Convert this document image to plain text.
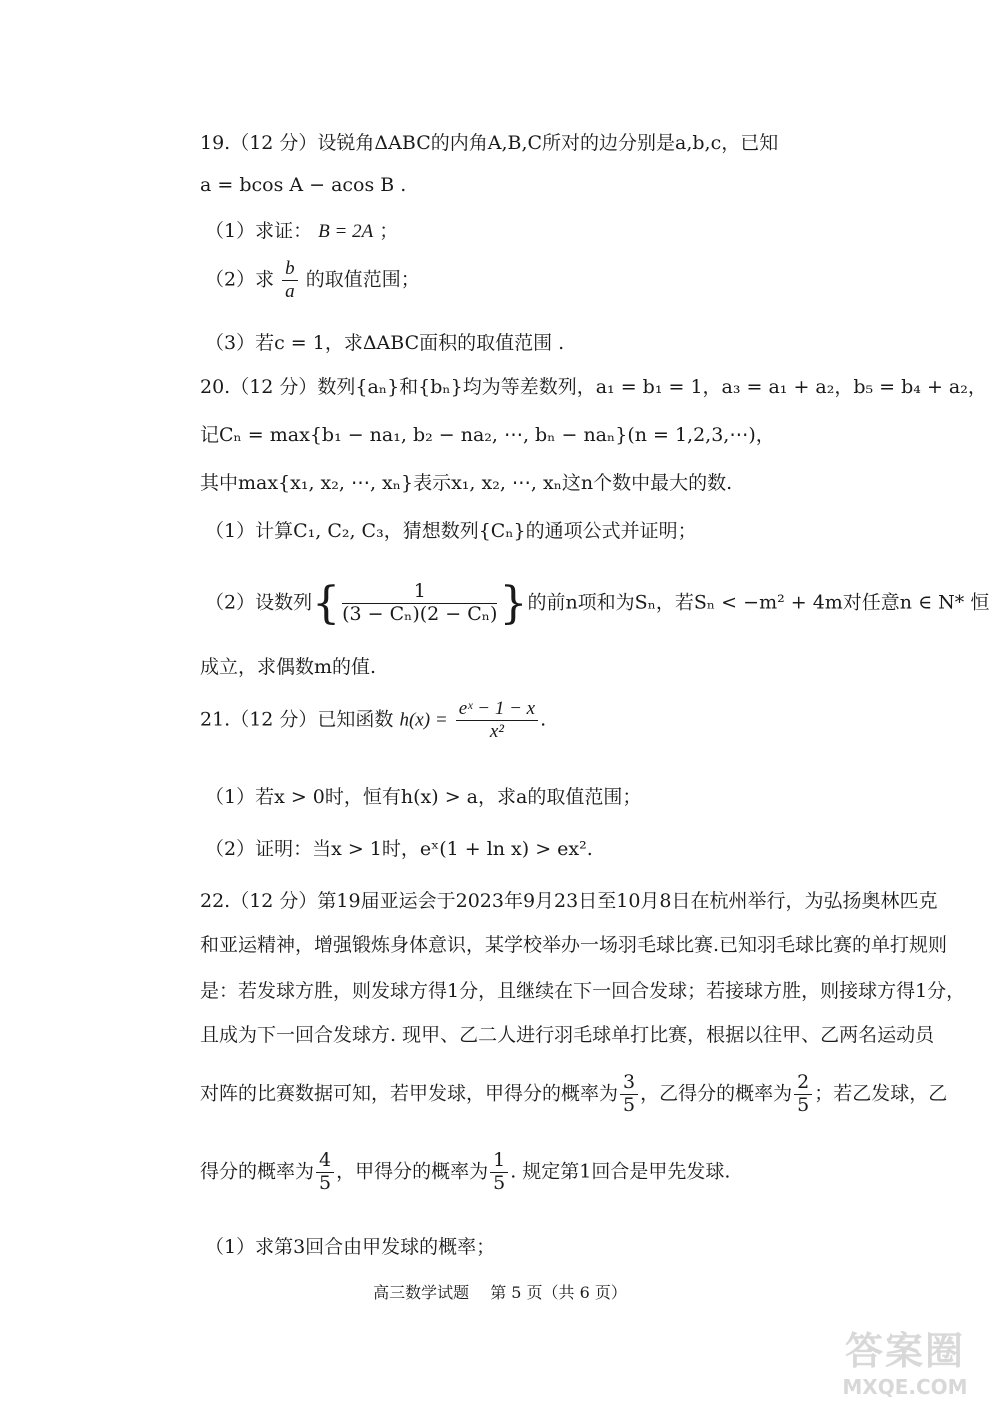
19.（12 分）设锐角ΔABC的内角A,B,C所对的边分别是a,b,c，已知
a = bcos A − acos B .
（1）求证： B = 2A ；
（2）求 $\frac{b}{a}$ 的取值范围；
（3）若c = 1，求ΔABC面积的取值范围 .
20.（12 分）数列{aₙ}和{bₙ}均为等差数列，a₁ = b₁ = 1，a₃ = a₁ + a₂，b₅ = b₄ + a₂，
记Cₙ = max{b₁ − na₁, b₂ − na₂, ⋯, bₙ − naₙ}(n = 1,2,3,⋯)，
其中max{x₁, x₂, ⋯, xₙ}表示x₁, x₂, ⋯, xₙ这n个数中最大的数.
（1）计算C₁, C₂, C₃，猜想数列{Cₙ}的通项公式并证明；
（2）设数列{ $\frac{1}{\text{(3 − Cₙ)(2 − Cₙ)}}$ }的前n项和为Sₙ，若Sₙ < −m² + 4m对任意n ∈ N* 恒
成立，求偶数m的值.
21.（12 分）已知函数 $h(x) = \frac{\text{eˣ − 1 − x}}{\text{x²}}$ .
（1）若x > 0时，恒有h(x) > a，求a的取值范围；
（2）证明：当x > 1时，eˣ(1 + ln x) > ex².
22.（12 分）第19届亚运会于2023年9月23日至10月8日在杭州举行，为弘扬奥林匹克
和亚运精神，增强锻炼身体意识，某学校举办一场羽毛球比赛.已知羽毛球比赛的单打规则
是：若发球方胜，则发球方得1分，且继续在下一回合发球；若接球方胜，则接球方得1分，
且成为下一回合发球方. 现甲、乙二人进行羽毛球单打比赛，根据以往甲、乙两名运动员
对阵的比赛数据可知，若甲发球，甲得分的概率为 $\frac{3}{5}$ ，乙得分的概率为 $\frac{2}{5}$ ；若乙发球，乙
得分的概率为 $\frac{4}{5}$ ，甲得分的概率为 $\frac{1}{5}$ . 规定第1回合是甲先发球.
（1）求第3回合由甲发球的概率；
高三数学试题 第 5 页（共 6 页）
答案圈
MXQE.COM
